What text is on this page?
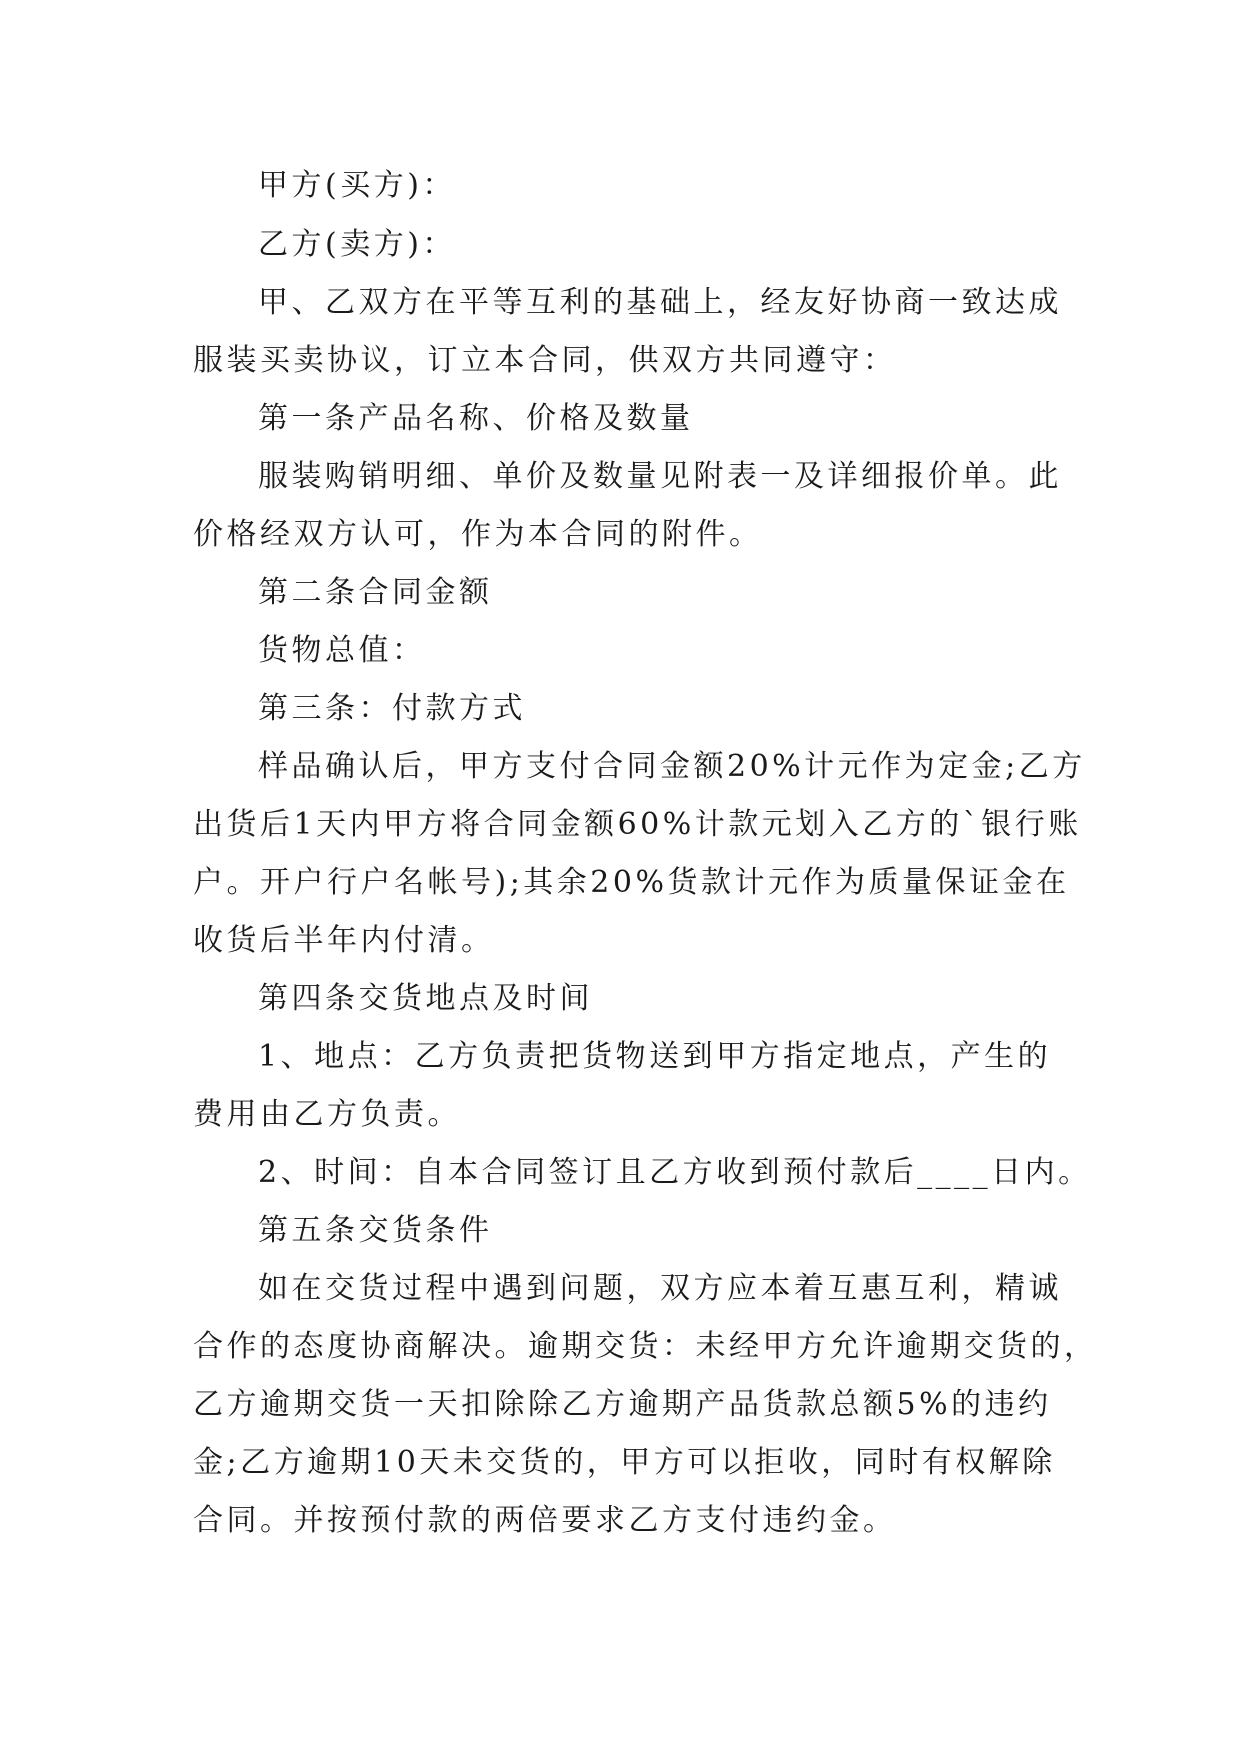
甲方(买方)：
乙方(卖方)：
甲、乙双方在平等互利的基础上，经友好协商一致达成
服装买卖协议，订立本合同，供双方共同遵守：
第一条产品名称、价格及数量
服装购销明细、单价及数量见附表一及详细报价单。此
价格经双方认可，作为本合同的附件。
第二条合同金额
货物总值：
第三条：付款方式
样品确认后，甲方支付合同金额20%计元作为定金;乙方
出货后1天内甲方将合同金额60%计款元划入乙方的`银行账
户。开户行户名帐号);其余20%货款计元作为质量保证金在
收货后半年内付清。
第四条交货地点及时间
1、地点：乙方负责把货物送到甲方指定地点，产生的
费用由乙方负责。
2、时间：自本合同签订且乙方收到预付款后____日内。
第五条交货条件
如在交货过程中遇到问题，双方应本着互惠互利，精诚
合作的态度协商解决。逾期交货：未经甲方允许逾期交货的，
乙方逾期交货一天扣除除乙方逾期产品货款总额5%的违约
金;乙方逾期10天未交货的，甲方可以拒收，同时有权解除
合同。并按预付款的两倍要求乙方支付违约金。
